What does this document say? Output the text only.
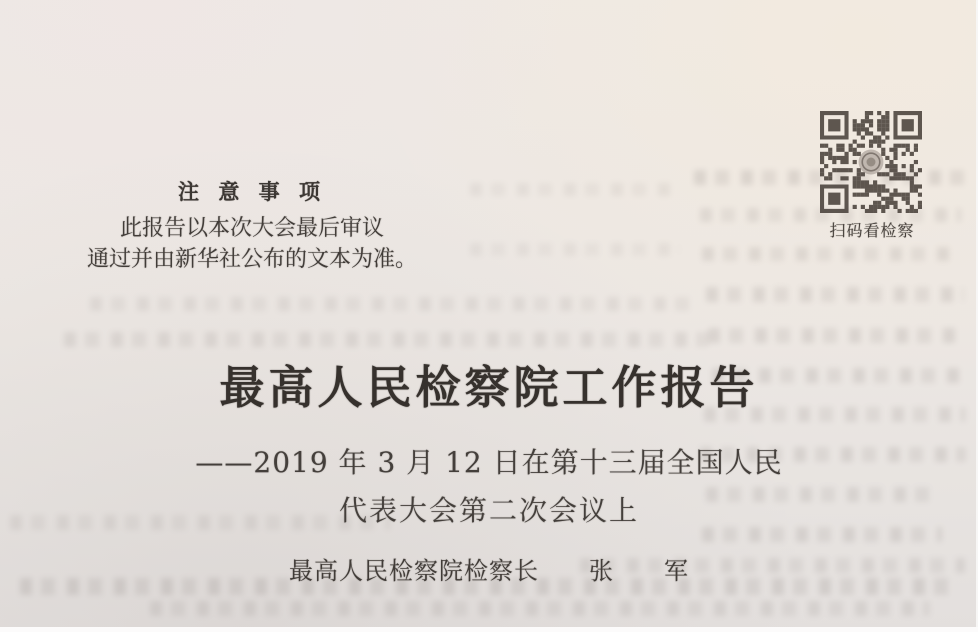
注 意 事 项
此报告以本次大会最后审议
通过并由新华社公布的文本为准。
扫码看检察
最高人民检察院工作报告
——2019 年 3 月 12 日在第十三届全国人民
代表大会第二次会议上
最高人民检察院检察长　　张　　军
